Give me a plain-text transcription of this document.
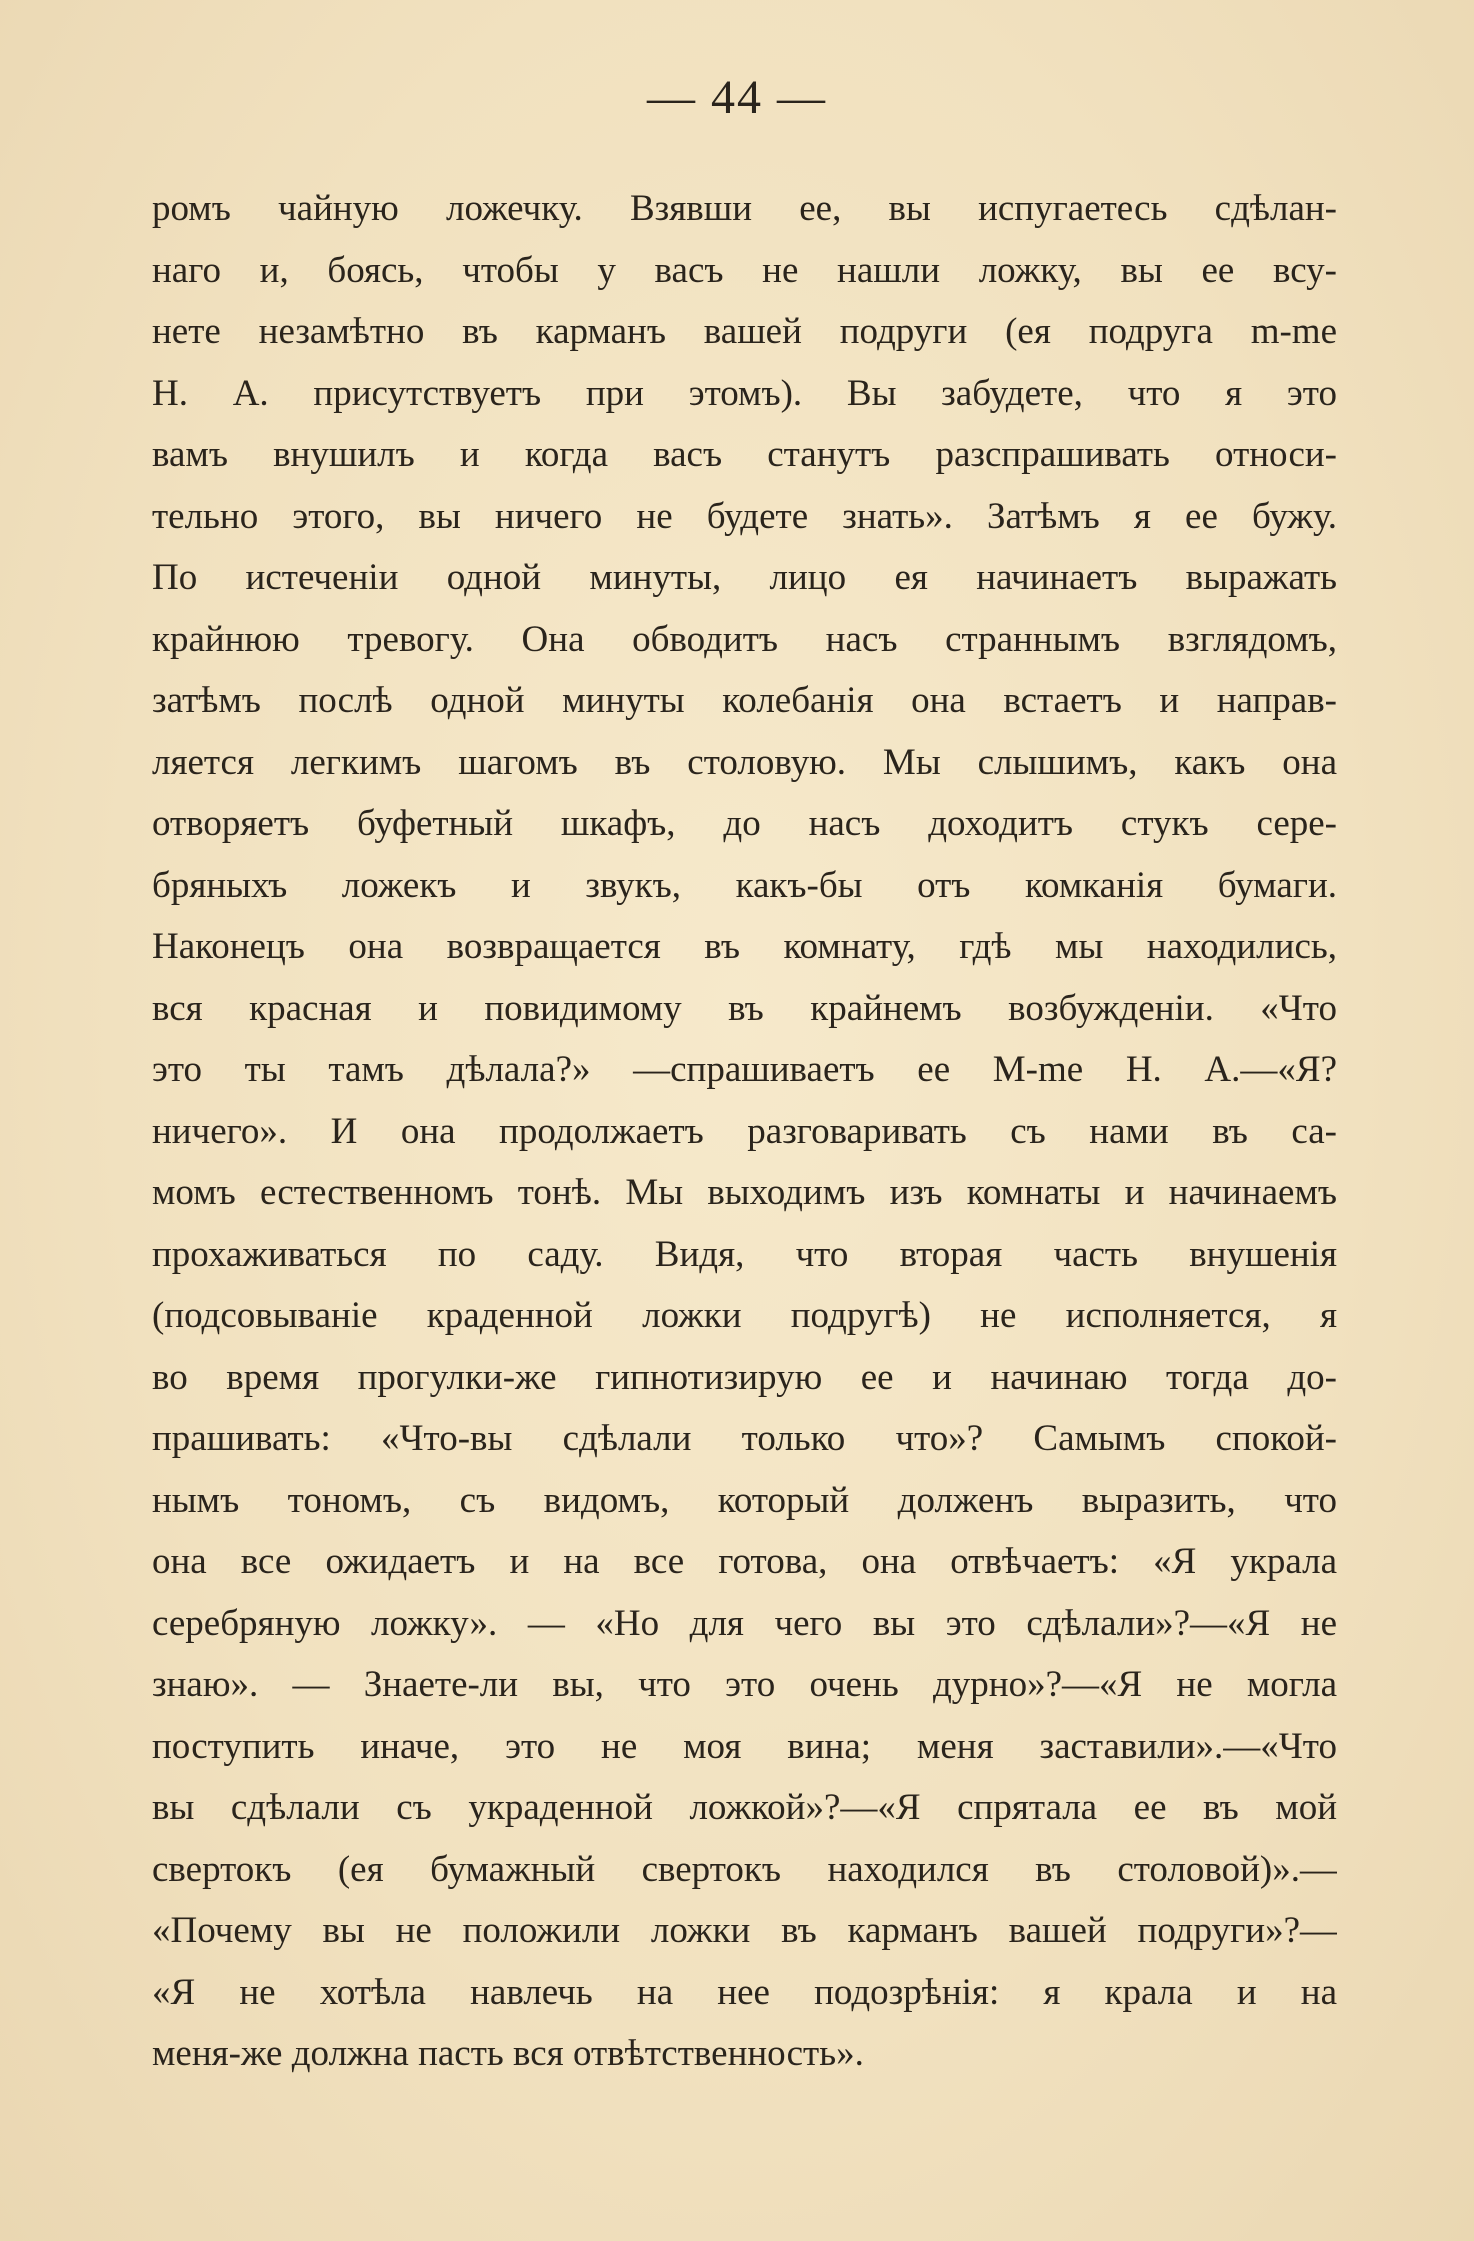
— 44 —
ромъ чайную ложечку. Взявши ее, вы испугаетесь сдѣлан-
наго и, боясь, чтобы у васъ не нашли ложку, вы ее всу-
нете незамѣтно въ карманъ вашей подруги (ея подруга m-me
Н. А. присутствуетъ при этомъ). Вы забудете, что я это
вамъ внушилъ и когда васъ станутъ разспрашивать относи-
тельно этого, вы ничего не будете знать». Затѣмъ я ее бужу.
По истеченіи одной минуты, лицо ея начинаетъ выражать
крайнюю тревогу. Она обводитъ насъ страннымъ взглядомъ,
затѣмъ послѣ одной минуты колебанія она встаетъ и направ-
ляется легкимъ шагомъ въ столовую. Мы слышимъ, какъ она
отворяетъ буфетный шкафъ, до насъ доходитъ стукъ сере-
бряныхъ ложекъ и звукъ, какъ-бы отъ комканія бумаги.
Наконецъ она возвращается въ комнату, гдѣ мы находились,
вся красная и повидимому въ крайнемъ возбужденіи. «Что
это ты тамъ дѣлала?» —спрашиваетъ ее М-me Н. А.—«Я?
ничего». И она продолжаетъ разговаривать съ нами въ са-
момъ естественномъ тонѣ. Мы выходимъ изъ комнаты и начинаемъ
прохаживаться по саду. Видя, что вторая часть внушенія
(подсовываніе краденной ложки подругѣ) не исполняется, я
во время прогулки-же гипнотизирую ее и начинаю тогда до-
прашивать: «Что-вы сдѣлали только что»? Самымъ спокой-
нымъ тономъ, съ видомъ, который долженъ выразить, что
она все ожидаетъ и на все готова, она отвѣчаетъ: «Я украла
серебряную ложку». — «Но для чего вы это сдѣлали»?—«Я не
знаю». — Знаете-ли вы, что это очень дурно»?—«Я не могла
поступить иначе, это не моя вина; меня заставили».—«Что
вы сдѣлали съ украденной ложкой»?—«Я спрятала ее въ мой
свертокъ (ея бумажный свертокъ находился въ столовой)».—
«Почему вы не положили ложки въ карманъ вашей подруги»?—
«Я не хотѣла навлечь на нее подозрѣнія: я крала и на
меня-же должна пасть вся отвѣтственность».
